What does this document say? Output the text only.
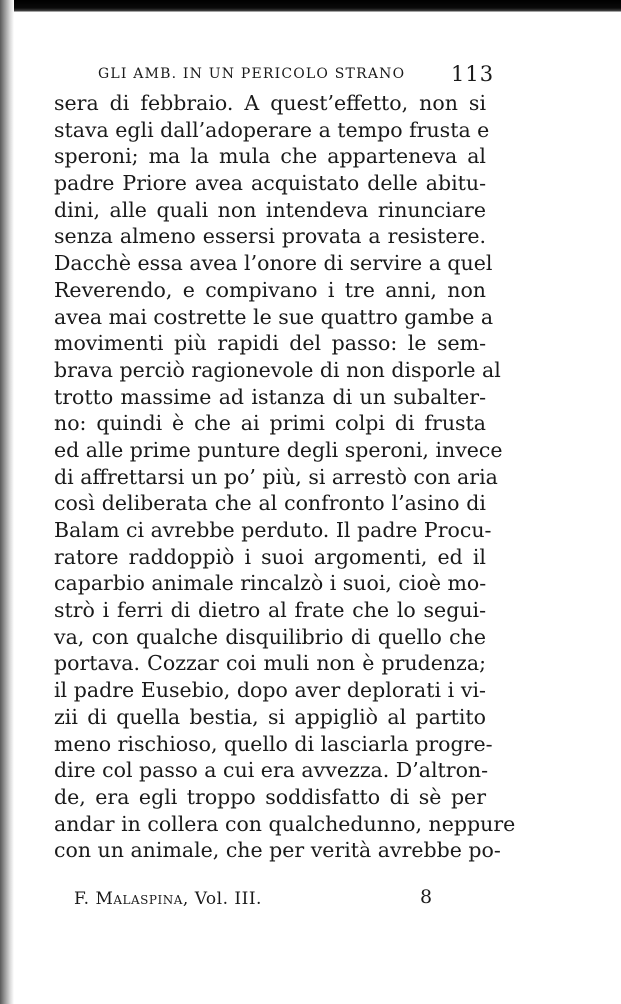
GLI AMB. IN UN PERICOLO STRANO	113
sera di febbraio. A quest’effetto, non si
stava egli dall’adoperare a tempo frusta e
speroni; ma la mula che apparteneva al
padre Priore avea acquistato delle abitu-
dini, alle quali non intendeva rinunciare
senza almeno essersi provata a resistere.
Dacchè essa avea l’onore di servire a quel
Reverendo, e compivano i tre anni, non
avea mai costrette le sue quattro gambe a
movimenti più rapidi del passo: le sem-
brava perciò ragionevole di non disporle al
trotto massime ad istanza di un subalter-
no: quindi è che ai primi colpi di frusta
ed alle prime punture degli speroni, invece
di affrettarsi un po’ più, si arrestò con aria
così deliberata che al confronto l’asino di
Balam ci avrebbe perduto. Il padre Procu-
ratore raddoppiò i suoi argomenti, ed il
caparbio animale rincalzò i suoi, cioè mo-
strò i ferri di dietro al frate che lo segui-
va, con qualche disquilibrio di quello che
portava. Cozzar coi muli non è prudenza;
il padre Eusebio, dopo aver deplorati i vi-
zii di quella bestia, si appigliò al partito
meno rischioso, quello di lasciarla progre-
dire col passo a cui era avvezza. D’altron-
de, era egli troppo soddisfatto di sè per
andar in collera con qualchedunno, neppure
con un animale, che per verità avrebbe po-
F. Malaspina, Vol. III.	8
